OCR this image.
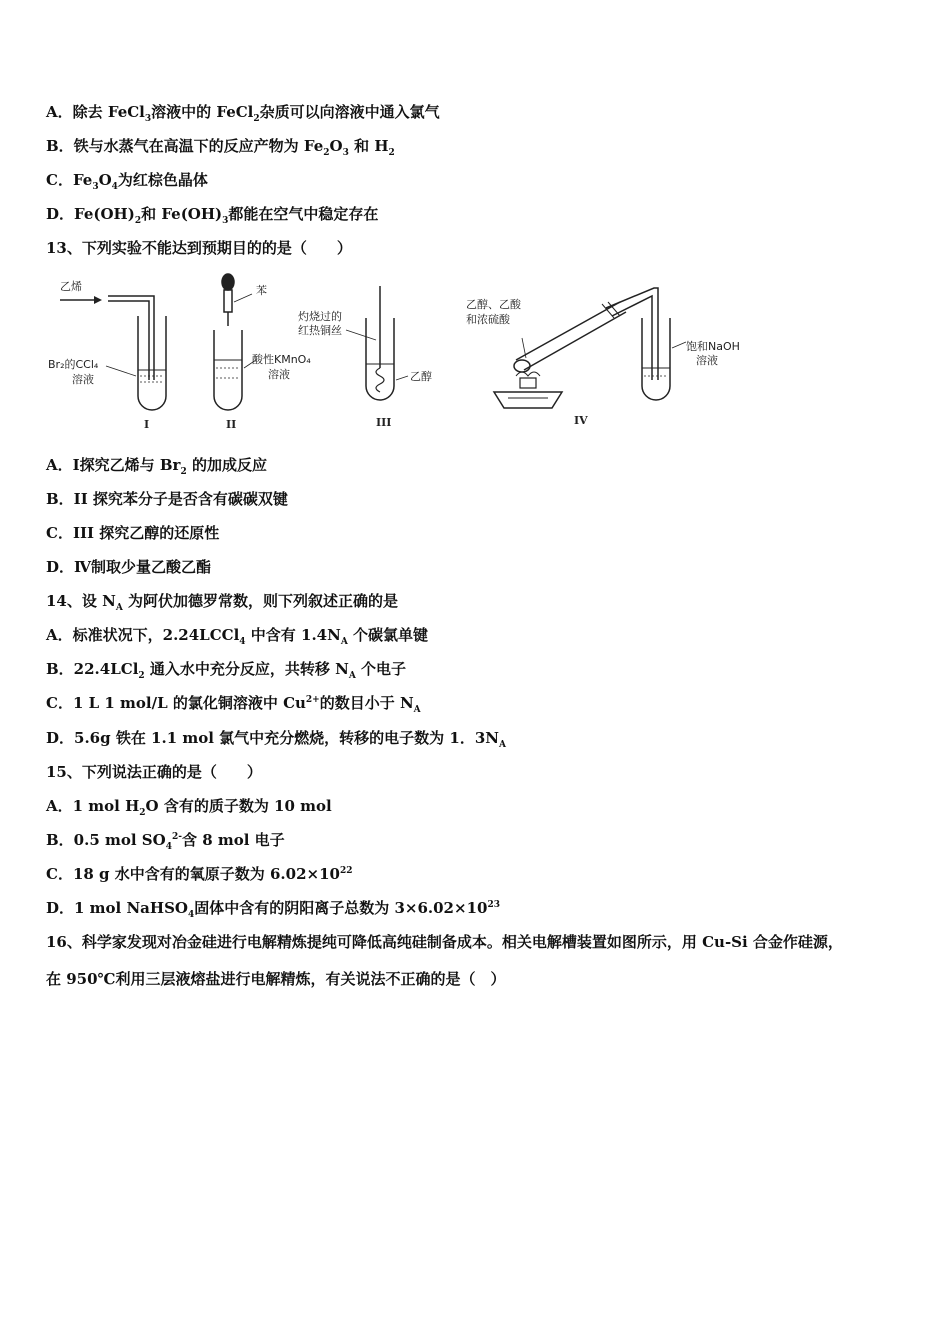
A．除去 FeCl$_3$溶液中的 FeCl$_2$杂质可以向溶液中通入氯气
B．铁与水蒸气在高温下的反应产物为 $Fe_2O_3$ 和 $H_2$
C．$Fe_3O_4$为红棕色晶体
D．$Fe(OH)_2$和 $Fe(OH)_3$都能在空气中稳定存在
13、下列实验不能达到预期目的的是（　　）
乙烯
Br₂的CCl₄
溶液
I
苯
酸性KMnO₄
溶液
II
灼烧过的
红热铜丝
乙醇
III
乙醇、乙酸
和浓硫酸
饱和NaOH
溶液
IV
A．Ⅰ探究乙烯与 $Br_2$ 的加成反应
B．II 探究苯分子是否含有碳碳双键
C．III 探究乙醇的还原性
D．Ⅳ制取少量乙酸乙酯
14、设 $N_A$ 为阿伏加德罗常数，则下列叙述正确的是
A．标准状况下，2.24LCCl$_4$ 中含有 $1.4N_A$ 个碳氯单键
B．22.4LCl$_2$ 通入水中充分反应，共转移 $N_A$ 个电子
C．1 L 1 mol/L 的氯化铜溶液中 $Cu^{2+}$的数目小于 $N_A$
D．5.6g 铁在 1.1 mol 氯气中充分燃烧，转移的电子数为 1．$3N_A$
15、下列说法正确的是（　　）
A．1 mol $H_2O$ 含有的质子数为 10 mol
B．0.5 mol $SO_4^{2-}$含 8 mol 电子
C．18 g 水中含有的氧原子数为 $6.02\times 10^{22}$
D．1 mol NaHSO$_4$固体中含有的阴阳离子总数为 $3\times 6.02\times 10^{23}$
16、科学家发现对冶金硅进行电解精炼提纯可降低高纯硅制备成本。相关电解槽装置如图所示，用 Cu-Si 合金作硅源，
在 950℃利用三层液熔盐进行电解精炼，有关说法不正确的是（　）
